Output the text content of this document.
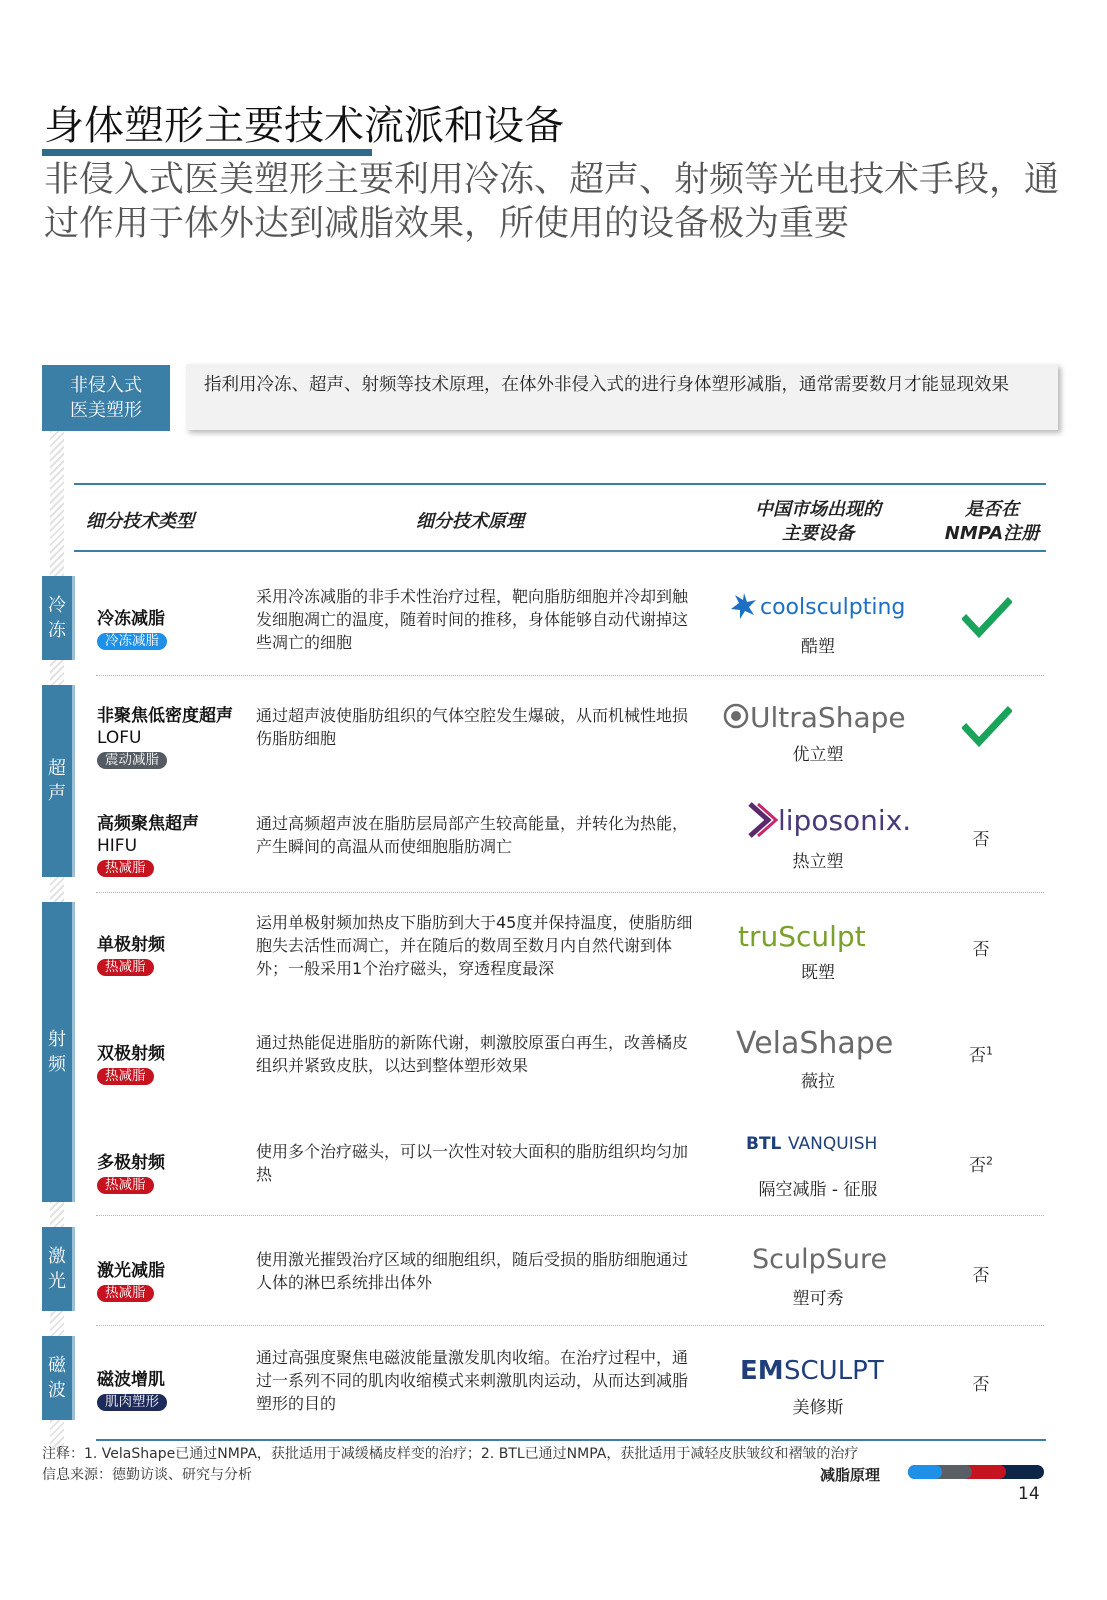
身体塑形主要技术流派和设备
非侵入式医美塑形主要利用冷冻、超声、射频等光电技术手段，通过作用于体外达到减脂效果，所使用的设备极为重要
非侵入式
医美塑形
指利用冷冻、超声、射频等技术原理，在体外非侵入式的进行身体塑形减脂，通常需要数月才能显现效果
细分技术类型	细分技术原理
中国市场出现的
主要设备
是否在
NMPA注册
冷冻
超声
射频
激光
磁波
冷冻减脂
冷冻减脂
采用冷冻减脂的非手术性治疗过程，靶向脂肪细胞并冷却到触发细胞凋亡的温度，随着时间的推移，身体能够自动代谢掉这些凋亡的细胞
coolsculpting
酷塑
非聚焦低密度超声
LOFU
震动减脂
通过超声波使脂肪组织的气体空腔发生爆破，从而机械性地损伤脂肪细胞
UltraShape
优立塑
高频聚焦超声
HIFU
热减脂
通过高频超声波在脂肪层局部产生较高能量，并转化为热能，产生瞬间的高温从而使细胞脂肪凋亡
liposonix.
热立塑
否
单极射频
热减脂
运用单极射频加热皮下脂肪到大于45度并保持温度，使脂肪细胞失去活性而凋亡，并在随后的数周至数月内自然代谢到体外；一般采用1个治疗磁头，穿透程度最深
truSculpt
既塑
否
双极射频
热减脂
通过热能促进脂肪的新陈代谢，刺激胶原蛋白再生，改善橘皮组织并紧致皮肤，以达到整体塑形效果
VelaShape
薇拉
否$^1$
多极射频
热减脂
使用多个治疗磁头，可以一次性对较大面积的脂肪组织均匀加热
BTL VANQUISH
隔空减脂 - 征服
否$^2$
激光减脂
热减脂
使用激光摧毁治疗区域的细胞组织，随后受损的脂肪细胞通过人体的淋巴系统排出体外
SculpSure
塑可秀
否
磁波增肌
肌肉塑形
通过高强度聚焦电磁波能量激发肌肉收缩。在治疗过程中，通过一系列不同的肌肉收缩模式来刺激肌肉运动，从而达到减脂塑形的目的
EM SCULPT
美修斯
否
注释：1. VelaShape已通过NMPA，获批适用于减缓橘皮样变的治疗；2. BTL已通过NMPA，获批适用于减轻皮肤皱纹和褶皱的治疗
信息来源：德勤访谈、研究与分析	减脂原理
14
